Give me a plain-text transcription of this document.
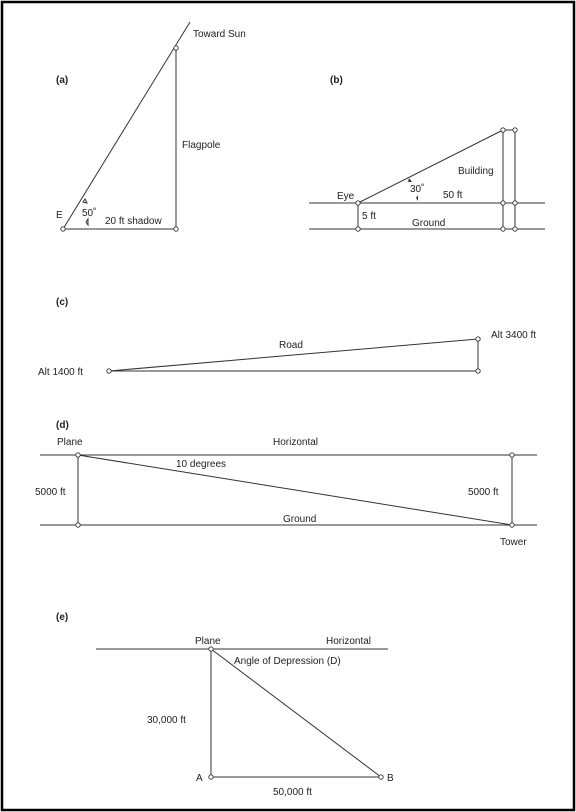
(a)
Toward Sun
Flagpole
E 50˚
20 ft shadow
(b)
Building
Eye
30˚
50 ft
5 ft
Ground
(c)
Road
Alt 1400 ft
Alt 3400 ft
(d)
Plane	Horizontal
10 degrees
5000 ft	5000 ft
Ground
Tower
(e)
Plane	Horizontal
Angle of Depression (D)
30,000 ft
A	B
50,000 ft
